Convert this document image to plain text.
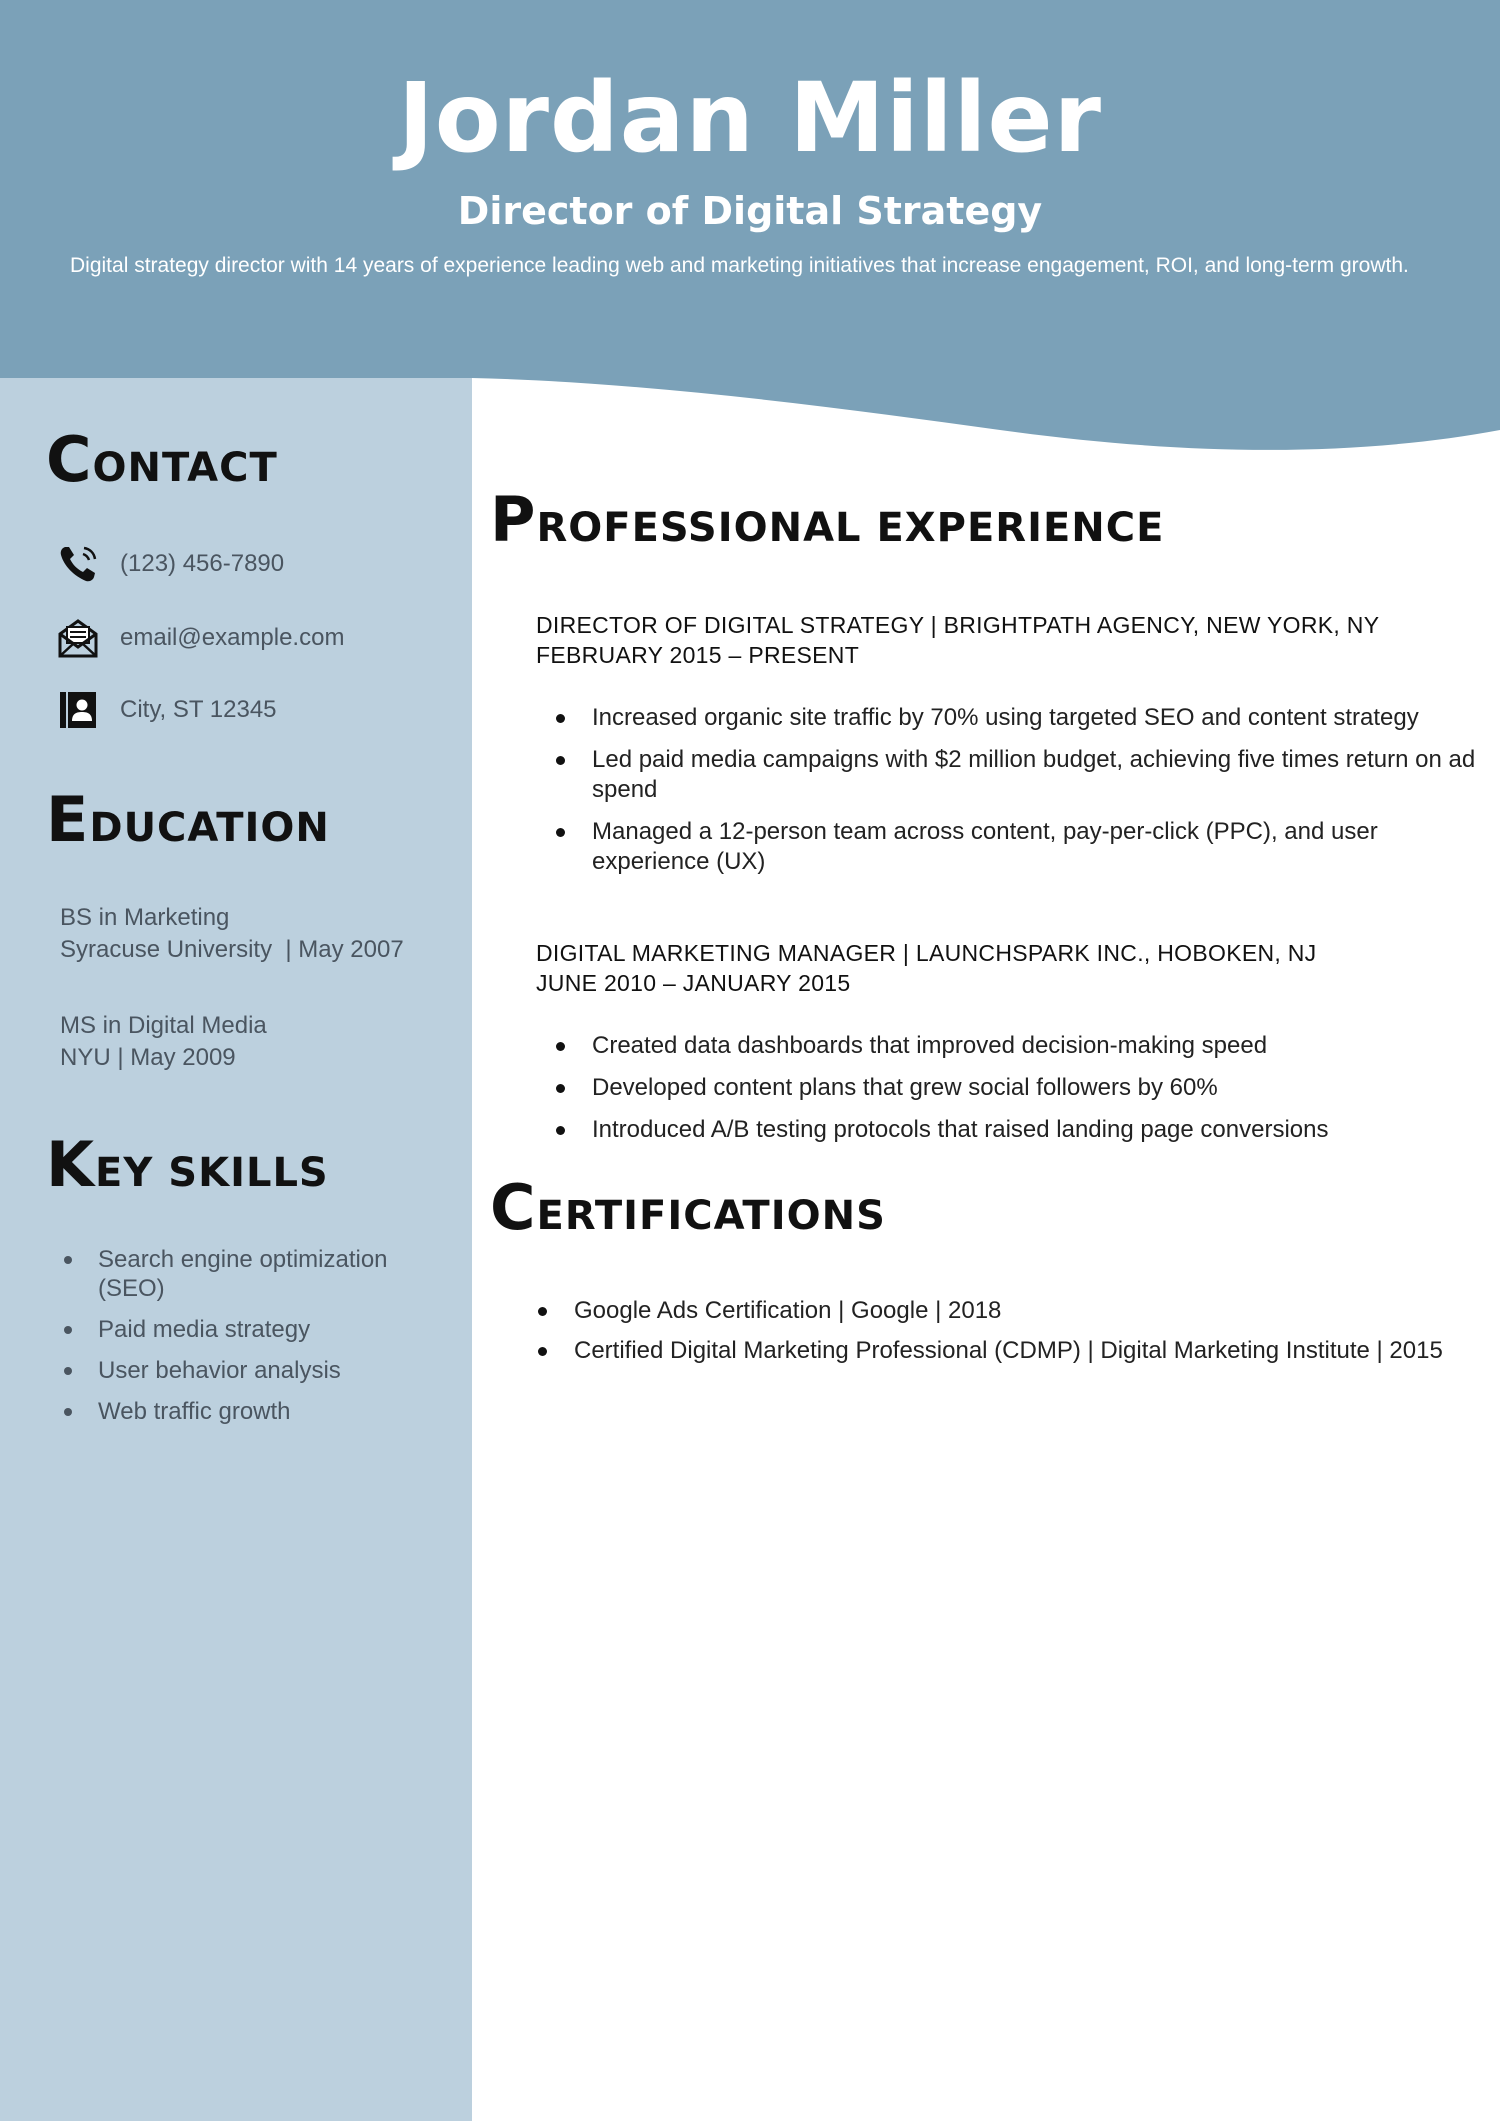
Jordan Miller
Director of Digital Strategy
Digital strategy director with 14 years of experience leading web and marketing initiatives that increase engagement, ROI, and long-term growth.
CONTACT
(123) 456-7890
email@example.com
City, ST 12345
EDUCATION
BS in Marketing
Syracuse University  | May 2007
MS in Digital Media
NYU | May 2009
KEY SKILLS
Search engine optimization (SEO)
Paid media strategy
User behavior analysis
Web traffic growth
PROFESSIONAL EXPERIENCE
DIRECTOR OF DIGITAL STRATEGY | BRIGHTPATH AGENCY, NEW YORK, NY
FEBRUARY 2015 – PRESENT
Increased organic site traffic by 70% using targeted SEO and content strategy
Led paid media campaigns with $2 million budget, achieving five times return on ad spend
Managed a 12-person team across content, pay-per-click (PPC), and user experience (UX)
DIGITAL MARKETING MANAGER | LAUNCHSPARK INC., HOBOKEN, NJ
JUNE 2010 – JANUARY 2015
Created data dashboards that improved decision-making speed
Developed content plans that grew social followers by 60%
Introduced A/B testing protocols that raised landing page conversions
CERTIFICATIONS
Google Ads Certification | Google | 2018
Certified Digital Marketing Professional (CDMP) | Digital Marketing Institute | 2015
